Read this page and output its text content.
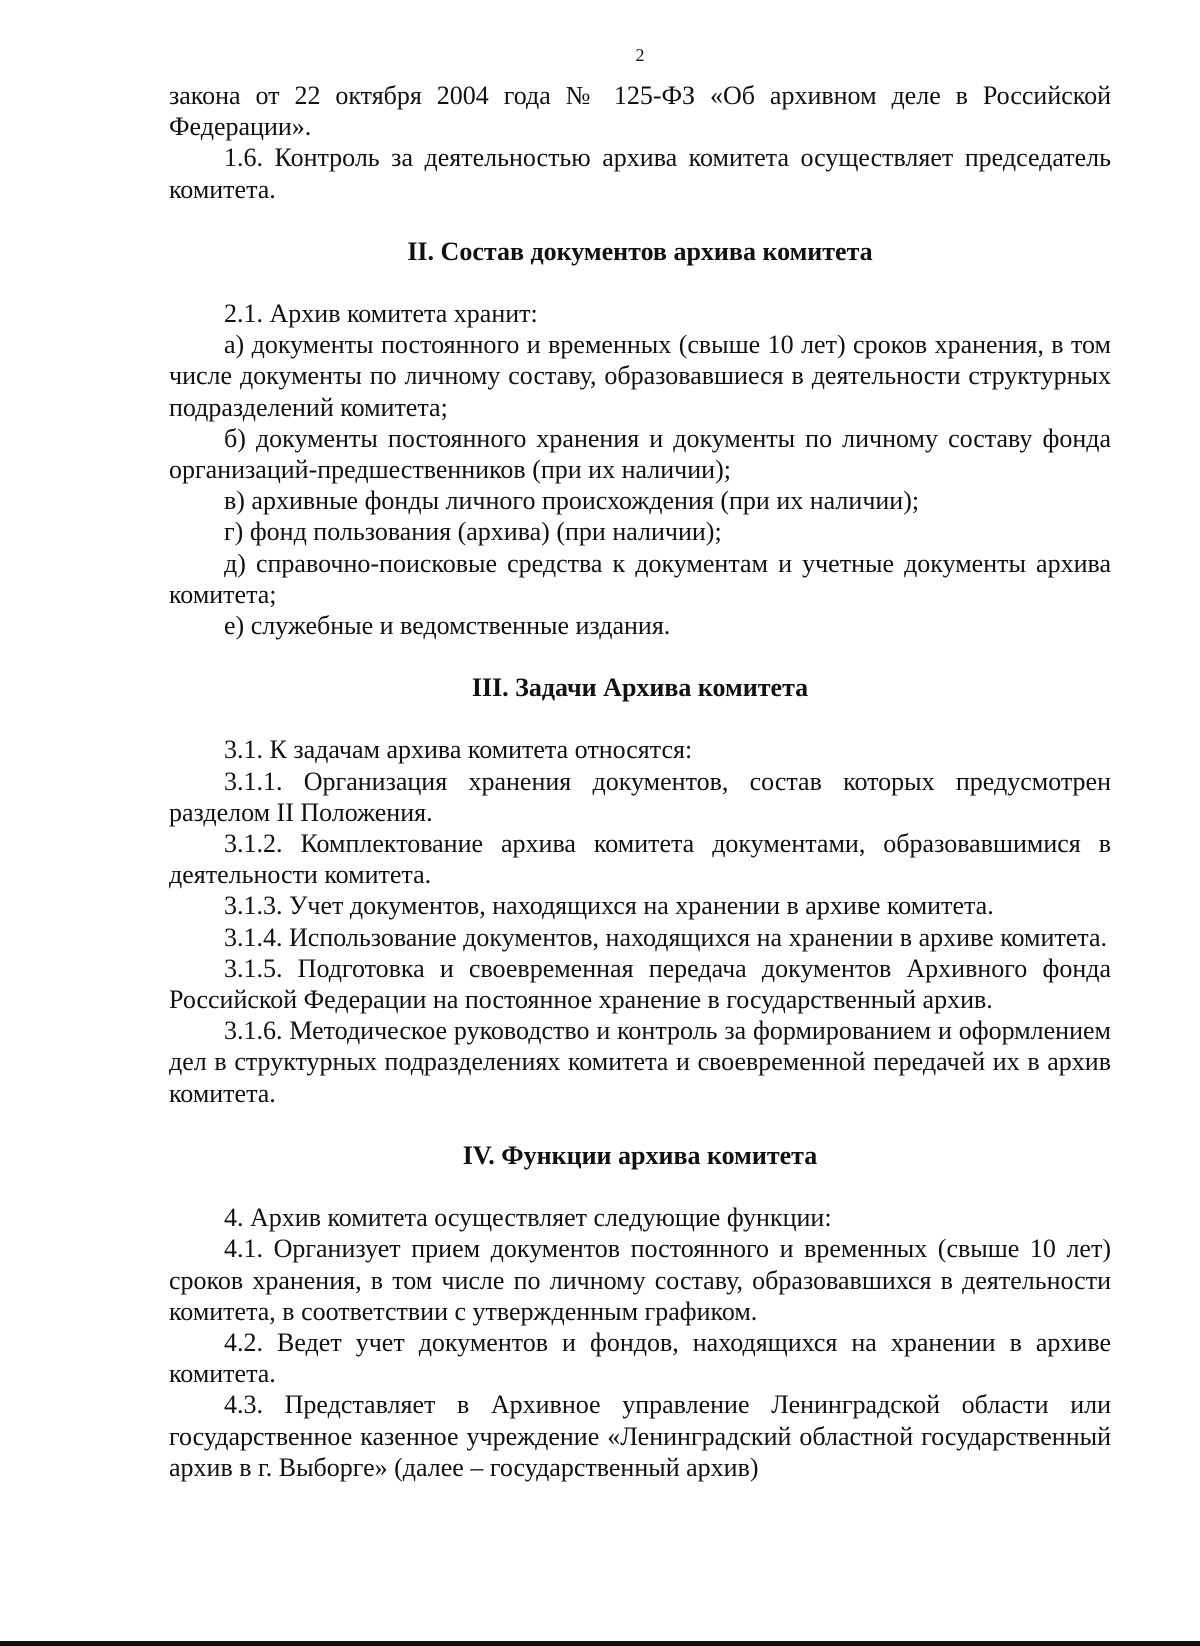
2

закона от 22 октября 2004 года № 125-ФЗ «Об архивном деле в Российской Федерации».

1.6. Контроль за деятельностью архива комитета осуществляет председатель комитета.

II. Состав документов архива комитета

2.1. Архив комитета хранит:

а) документы постоянного и временных (свыше 10 лет) сроков хранения, в том числе документы по личному составу, образовавшиеся в деятельности структурных подразделений комитета;

б) документы постоянного хранения и документы по личному составу фонда организаций-предшественников (при их наличии);

в) архивные фонды личного происхождения (при их наличии);

г) фонд пользования (архива) (при наличии);

д) справочно-поисковые средства к документам и учетные документы архива комитета;

е) служебные и ведомственные издания.

III. Задачи Архива комитета

3.1. К задачам архива комитета относятся:

3.1.1. Организация хранения документов, состав которых предусмотрен разделом II Положения.

3.1.2. Комплектование архива комитета документами, образовавшимися в деятельности комитета.

3.1.3. Учет документов, находящихся на хранении в архиве комитета.

3.1.4. Использование документов, находящихся на хранении в архиве комитета.

3.1.5. Подготовка и своевременная передача документов Архивного фонда Российской Федерации на постоянное хранение в государственный архив.

3.1.6. Методическое руководство и контроль за формированием и оформлением дел в структурных подразделениях комитета и своевременной передачей их в архив комитета.

IV. Функции архива комитета

4. Архив комитета осуществляет следующие функции:

4.1. Организует прием документов постоянного и временных (свыше 10 лет) сроков хранения, в том числе по личному составу, образовавшихся в деятельности комитета, в соответствии с утвержденным графиком.

4.2. Ведет учет документов и фондов, находящихся на хранении в архиве комитета.

4.3. Представляет в Архивное управление Ленинградской области или государственное казенное учреждение «Ленинградский областной государственный архив в г. Выборге» (далее – государственный архив)
